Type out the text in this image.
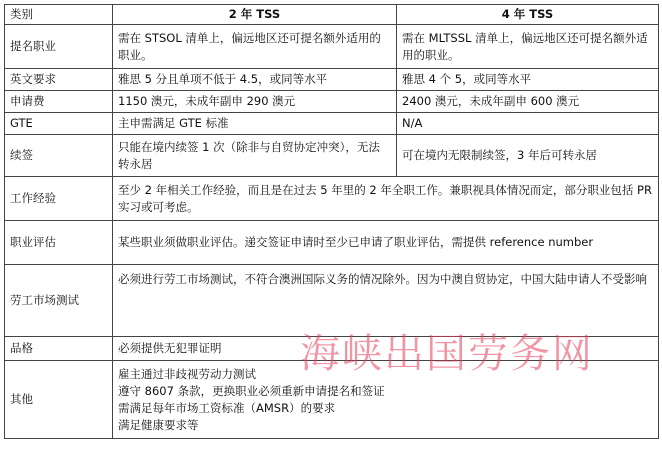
类别	2 年 TSS	4 年 TSS
提名职业	需在 STSOL 清单上，偏远地区还可提名额外适用的职业。	需在 MLTSSL 清单上，偏远地区还可提名额外适用的职业。
英文要求	雅思 5 分且单项不低于 4.5，或同等水平	雅思 4 个 5，或同等水平
申请费	1150 澳元，未成年副申 290 澳元	2400 澳元，未成年副申 600 澳元
GTE	主申需满足 GTE 标准	N/A
续签	只能在境内续签 1 次（除非与自贸协定冲突），无法转永居	可在境内无限制续签，3 年后可转永居
工作经验	至少 2 年相关工作经验，而且是在过去 5 年里的 2 年全职工作。兼职视具体情况而定，部分职业包括 PR 实习或可考虑。	
职业评估	某些职业须做职业评估。递交签证申请时至少已申请了职业评估，需提供 reference number	
劳工市场测试	必须进行劳工市场测试，不符合澳洲国际义务的情况除外。因为中澳自贸协定，中国大陆申请人不受影响	
品格	必须提供无犯罪证明	
其他	雇主通过非歧视劳动力测试
遵守 8607 条款，更换职业必须重新申请提名和签证
需满足每年市场工资标准（AMSR）的要求
满足健康要求等	
海峡出国劳务网
